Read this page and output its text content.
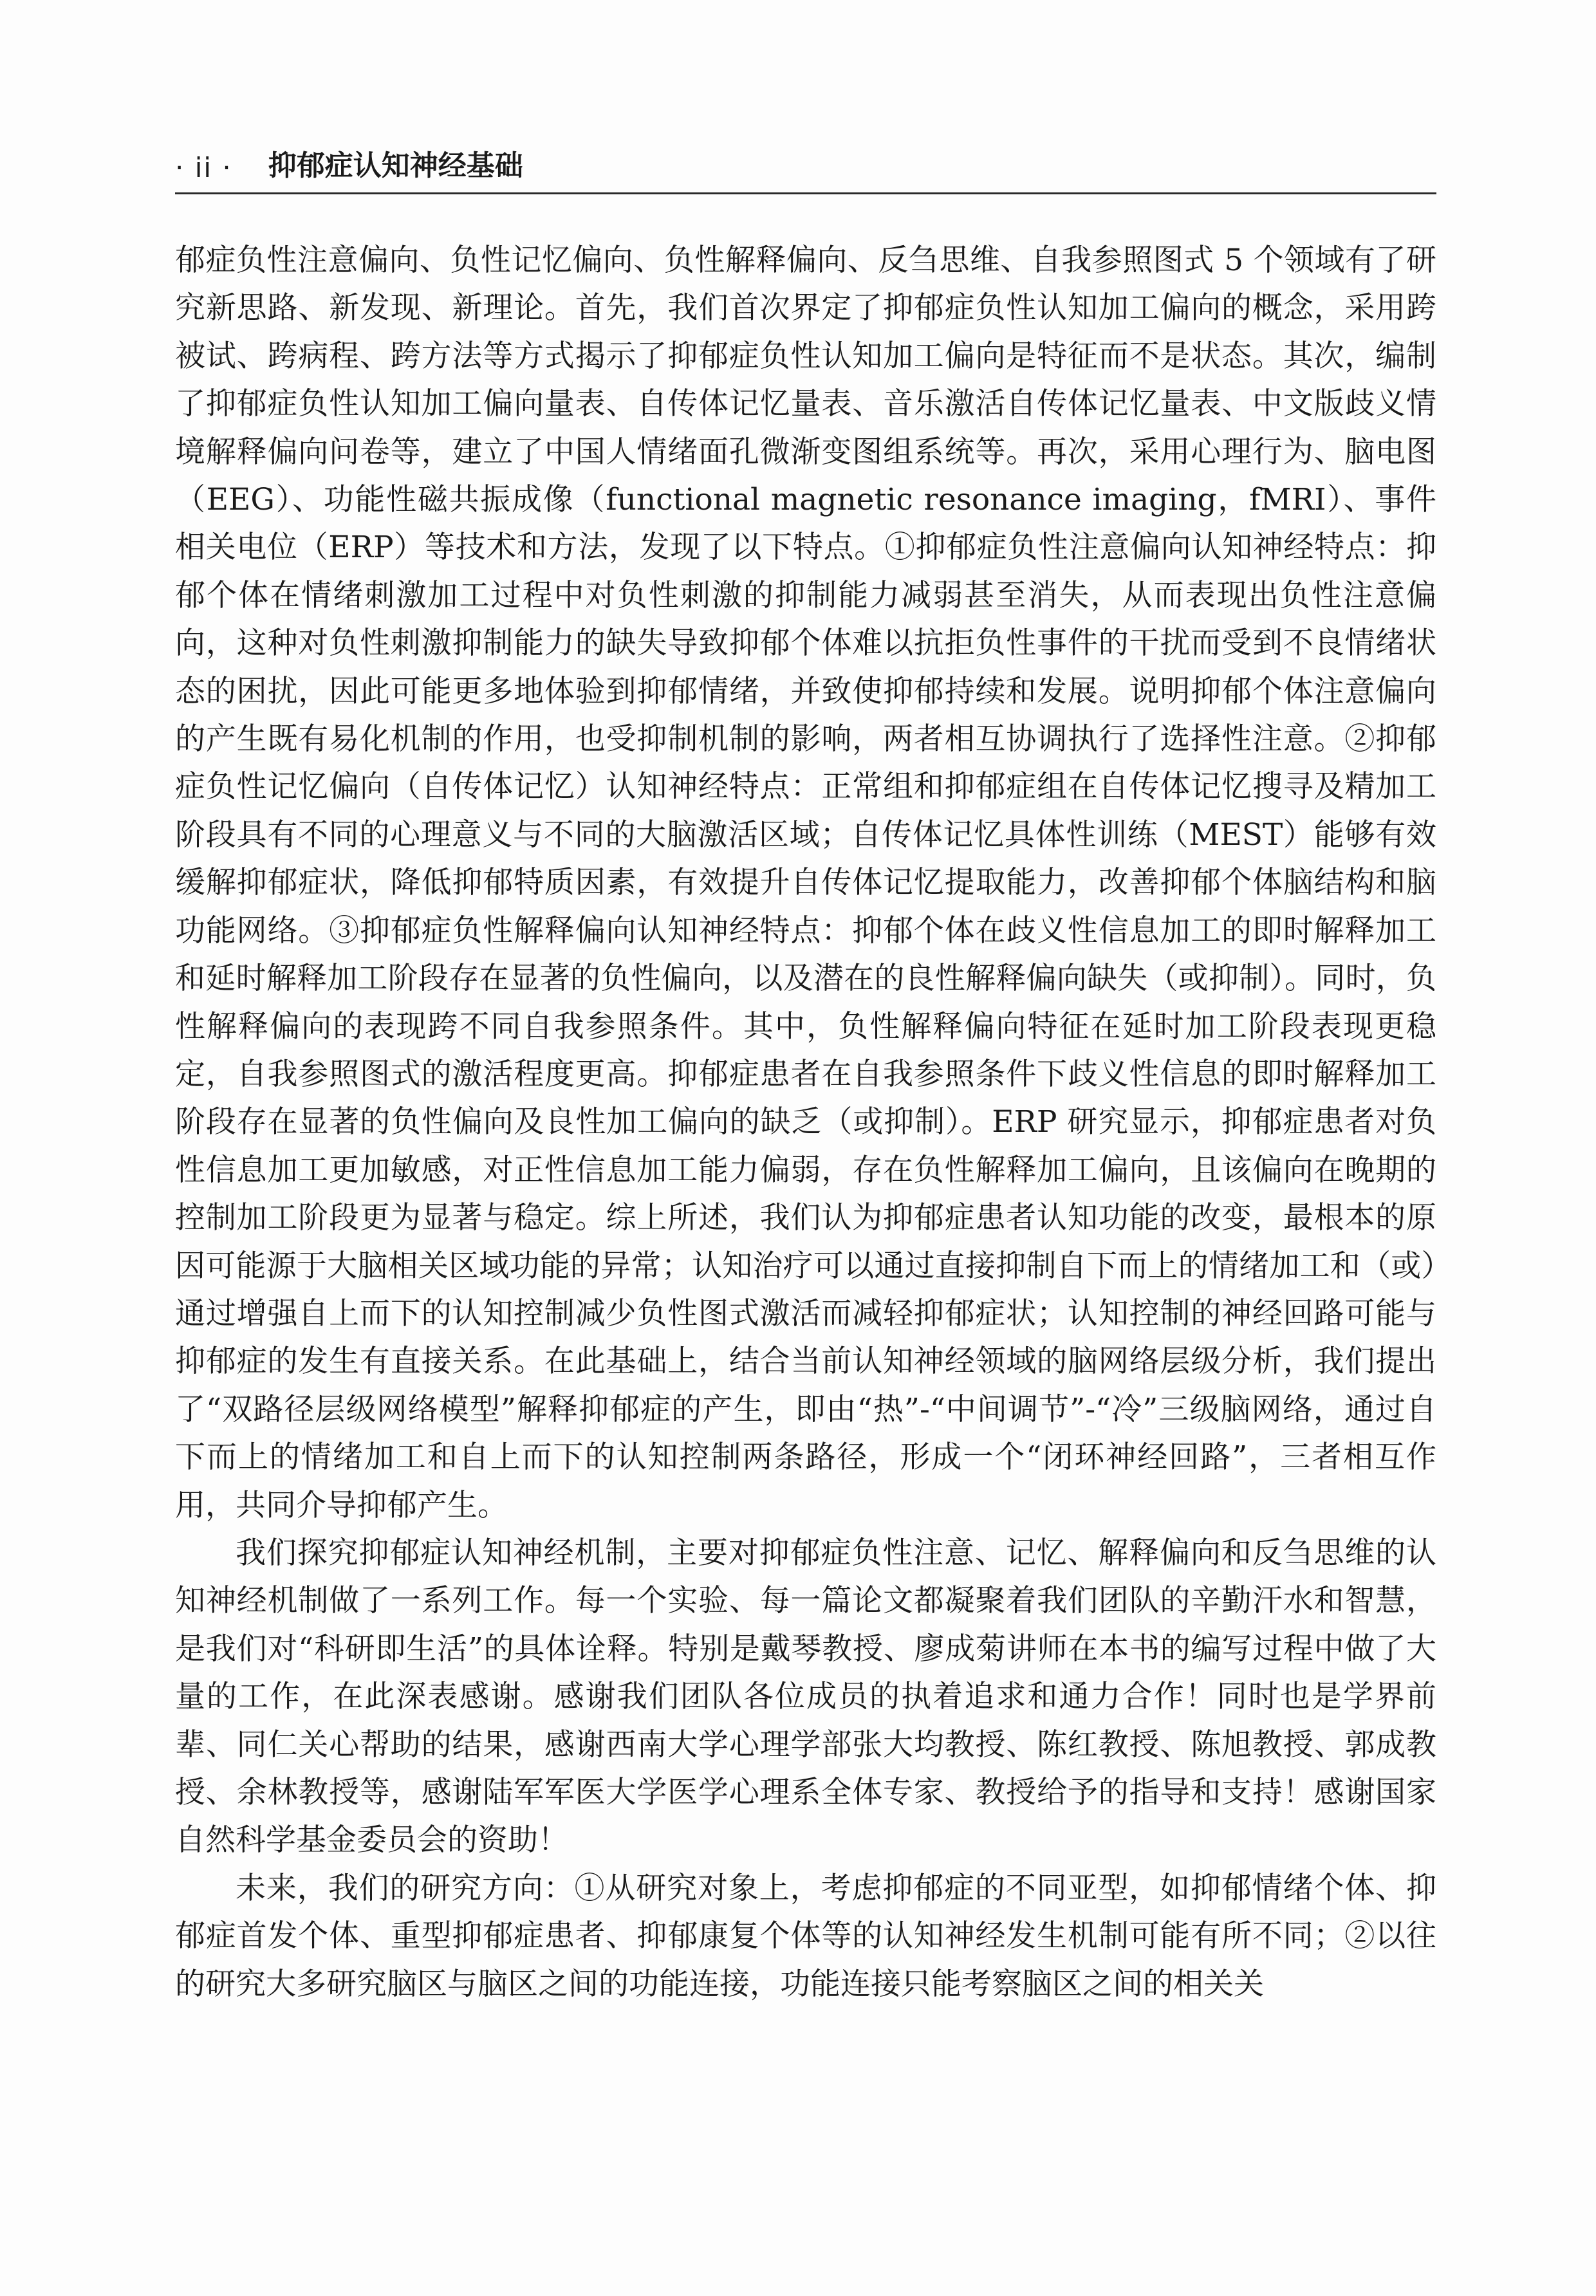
· ii · 抑郁症认知神经基础

郁症负性注意偏向、负性记忆偏向、负性解释偏向、反刍思维、自我参照图式 5 个领域有了研究新思路、新发现、新理论。首先，我们首次界定了抑郁症负性认知加工偏向的概念，采用跨被试、跨病程、跨方法等方式揭示了抑郁症负性认知加工偏向是特征而不是状态。其次，编制了抑郁症负性认知加工偏向量表、自传体记忆量表、音乐激活自传体记忆量表、中文版歧义情境解释偏向问卷等，建立了中国人情绪面孔微渐变图组系统等。再次，采用心理行为、脑电图（EEG）、功能性磁共振成像（functional magnetic resonance imaging，fMRI）、事件相关电位（ERP）等技术和方法，发现了以下特点。①抑郁症负性注意偏向认知神经特点：抑郁个体在情绪刺激加工过程中对负性刺激的抑制能力减弱甚至消失，从而表现出负性注意偏向，这种对负性刺激抑制能力的缺失导致抑郁个体难以抗拒负性事件的干扰而受到不良情绪状态的困扰，因此可能更多地体验到抑郁情绪，并致使抑郁持续和发展。说明抑郁个体注意偏向的产生既有易化机制的作用，也受抑制机制的影响，两者相互协调执行了选择性注意。②抑郁症负性记忆偏向（自传体记忆）认知神经特点：正常组和抑郁症组在自传体记忆搜寻及精加工阶段具有不同的心理意义与不同的大脑激活区域；自传体记忆具体性训练（MEST）能够有效缓解抑郁症状，降低抑郁特质因素，有效提升自传体记忆提取能力，改善抑郁个体脑结构和脑功能网络。③抑郁症负性解释偏向认知神经特点：抑郁个体在歧义性信息加工的即时解释加工和延时解释加工阶段存在显著的负性偏向，以及潜在的良性解释偏向缺失（或抑制）。同时，负性解释偏向的表现跨不同自我参照条件。其中，负性解释偏向特征在延时加工阶段表现更稳定，自我参照图式的激活程度更高。抑郁症患者在自我参照条件下歧义性信息的即时解释加工阶段存在显著的负性偏向及良性加工偏向的缺乏（或抑制）。ERP 研究显示，抑郁症患者对负性信息加工更加敏感，对正性信息加工能力偏弱，存在负性解释加工偏向，且该偏向在晚期的控制加工阶段更为显著与稳定。综上所述，我们认为抑郁症患者认知功能的改变，最根本的原因可能源于大脑相关区域功能的异常；认知治疗可以通过直接抑制自下而上的情绪加工和（或）通过增强自上而下的认知控制减少负性图式激活而减轻抑郁症状；认知控制的神经回路可能与抑郁症的发生有直接关系。在此基础上，结合当前认知神经领域的脑网络层级分析，我们提出了“双路径层级网络模型”解释抑郁症的产生，即由“热”-“中间调节”-“冷”三级脑网络，通过自下而上的情绪加工和自上而下的认知控制两条路径，形成一个“闭环神经回路”，三者相互作用，共同介导抑郁产生。

我们探究抑郁症认知神经机制，主要对抑郁症负性注意、记忆、解释偏向和反刍思维的认知神经机制做了一系列工作。每一个实验、每一篇论文都凝聚着我们团队的辛勤汗水和智慧，是我们对“科研即生活”的具体诠释。特别是戴琴教授、廖成菊讲师在本书的编写过程中做了大量的工作，在此深表感谢。感谢我们团队各位成员的执着追求和通力合作！同时也是学界前辈、同仁关心帮助的结果，感谢西南大学心理学部张大均教授、陈红教授、陈旭教授、郭成教授、余林教授等，感谢陆军军医大学医学心理系全体专家、教授给予的指导和支持！感谢国家自然科学基金委员会的资助！

未来，我们的研究方向：①从研究对象上，考虑抑郁症的不同亚型，如抑郁情绪个体、抑郁症首发个体、重型抑郁症患者、抑郁康复个体等的认知神经发生机制可能有所不同；②以往的研究大多研究脑区与脑区之间的功能连接，功能连接只能考察脑区之间的相关关
